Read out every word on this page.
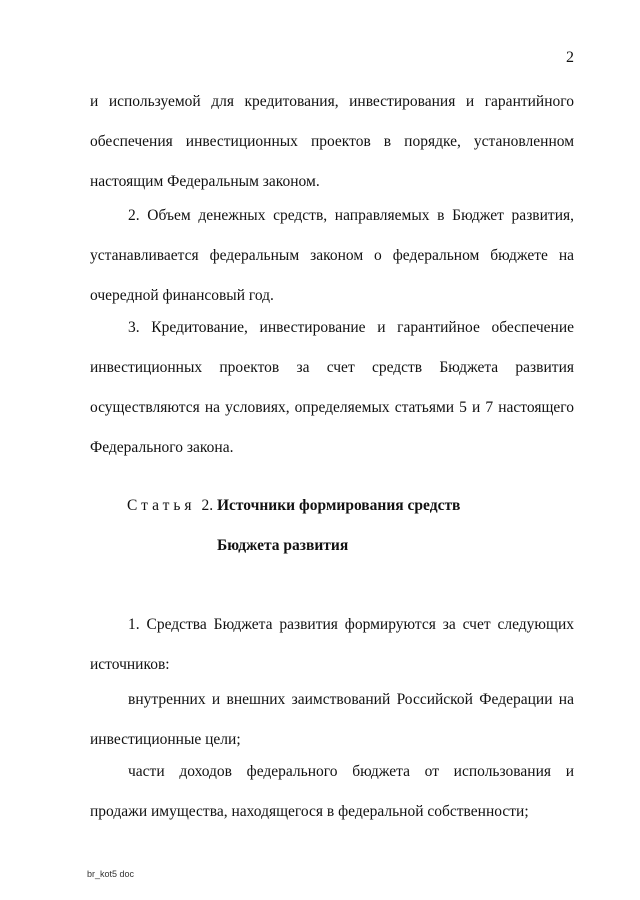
2
и используемой для кредитования, инвестирования и гарантийного
обеспечения инвестиционных проектов в порядке, установленном
настоящим Федеральным законом.
2. Объем денежных средств, направляемых в Бюджет развития,
устанавливается федеральным законом о федеральном бюджете на
очередной финансовый год.
3. Кредитование, инвестирование и гарантийное обеспечение
инвестиционных проектов за счет средств Бюджета развития
осуществляются на условиях, определяемых статьями 5 и 7 настоящего
Федерального закона.
Статья 2. Источники формирования средств
Бюджета развития
1. Средства Бюджета развития формируются за счет следующих
источников:
внутренних и внешних заимствований Российской Федерации на
инвестиционные цели;
части доходов федерального бюджета от использования и
продажи имущества, находящегося в федеральной собственности;
br_kot5 doc
